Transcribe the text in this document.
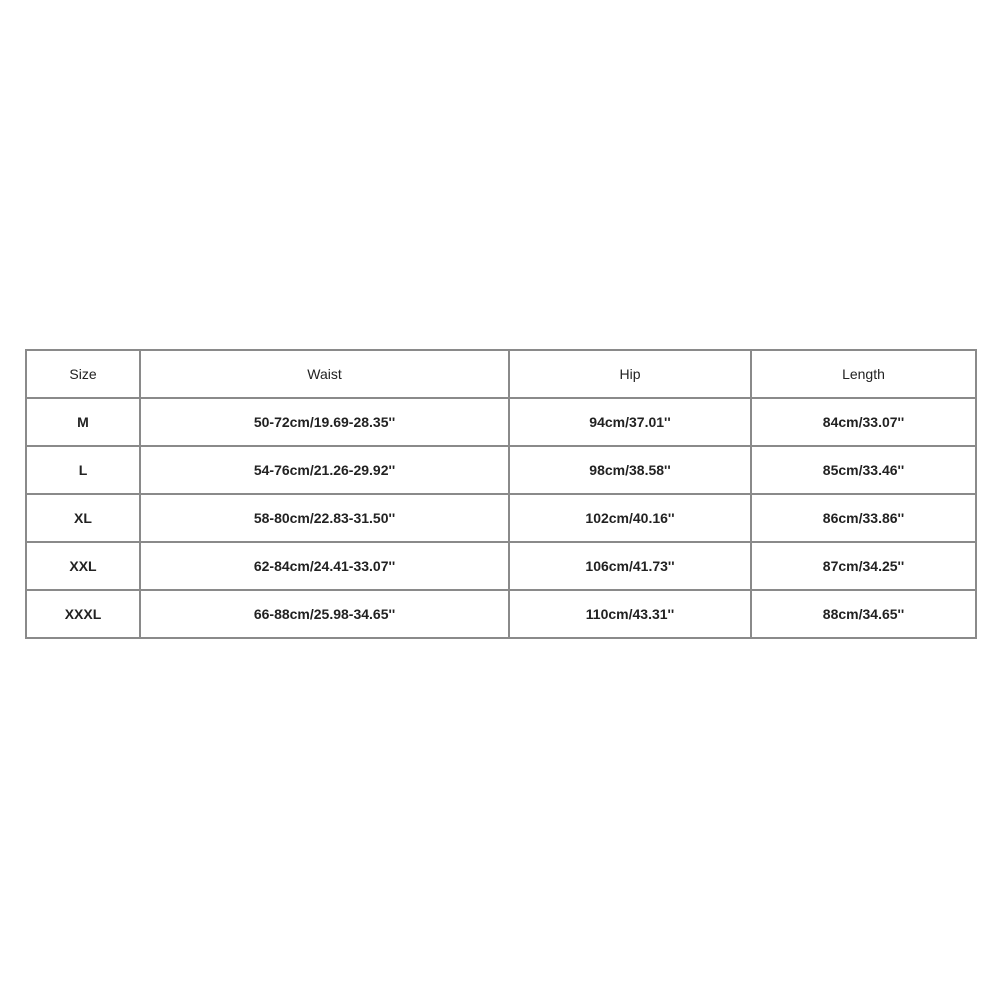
Size	Waist	Hip	Length
M	50-72cm/19.69-28.35''	94cm/37.01''	84cm/33.07''
L	54-76cm/21.26-29.92''	98cm/38.58''	85cm/33.46''
XL	58-80cm/22.83-31.50''	102cm/40.16''	86cm/33.86''
XXL	62-84cm/24.41-33.07''	106cm/41.73''	87cm/34.25''
XXXL	66-88cm/25.98-34.65''	110cm/43.31''	88cm/34.65''
